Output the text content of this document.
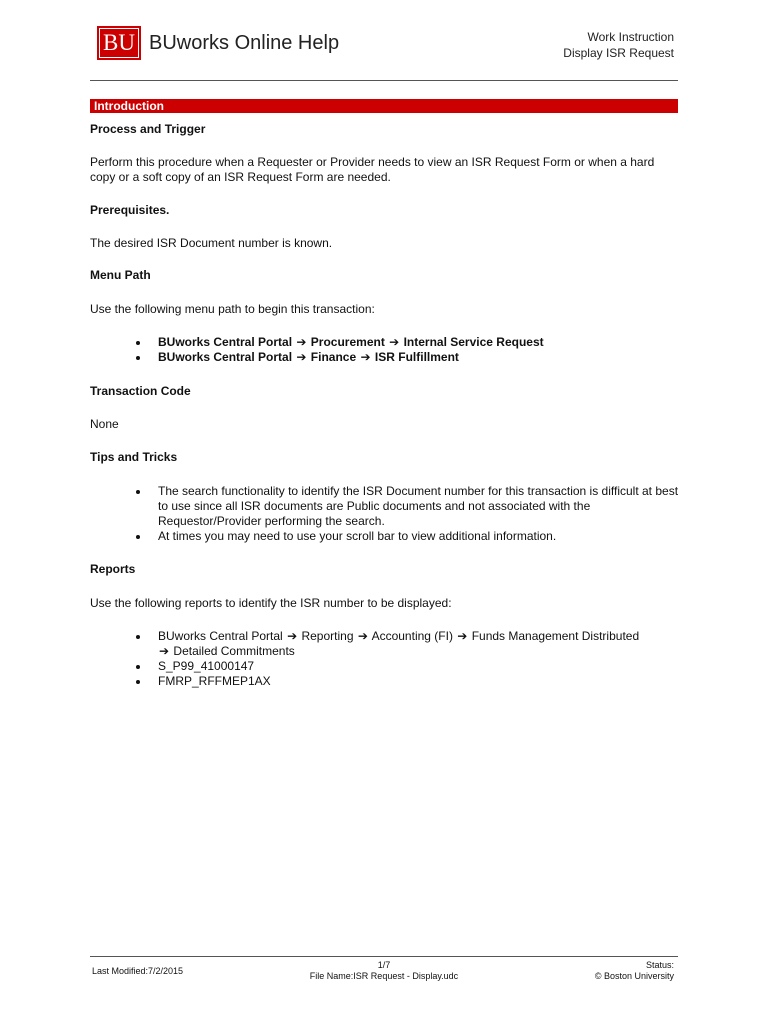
BU BUworks Online Help	Work Instruction
Display ISR Request
Introduction
Process and Trigger
Perform this procedure when a Requester or Provider needs to view an ISR Request Form or when a hard copy or a soft copy of an ISR Request Form are needed.
Prerequisites.
The desired ISR Document number is known.
Menu Path
Use the following menu path to begin this transaction:
BUworks Central Portal ➔ Procurement ➔ Internal Service Request
BUworks Central Portal ➔ Finance ➔ ISR Fulfillment
Transaction Code
None
Tips and Tricks
The search functionality to identify the ISR Document number for this transaction is difficult at best to use since all ISR documents are Public documents and not associated with the Requestor/Provider performing the search.
At times you may need to use your scroll bar to view additional information.
Reports
Use the following reports to identify the ISR number to be displayed:
BUworks Central Portal ➔ Reporting ➔ Accounting (FI) ➔ Funds Management Distributed
➔ Detailed Commitments
S_P99_41000147
FMRP_RFFMEP1AX
Last Modified:7/2/2015
1/7
File Name:ISR Request - Display.udc
Status:
© Boston University
